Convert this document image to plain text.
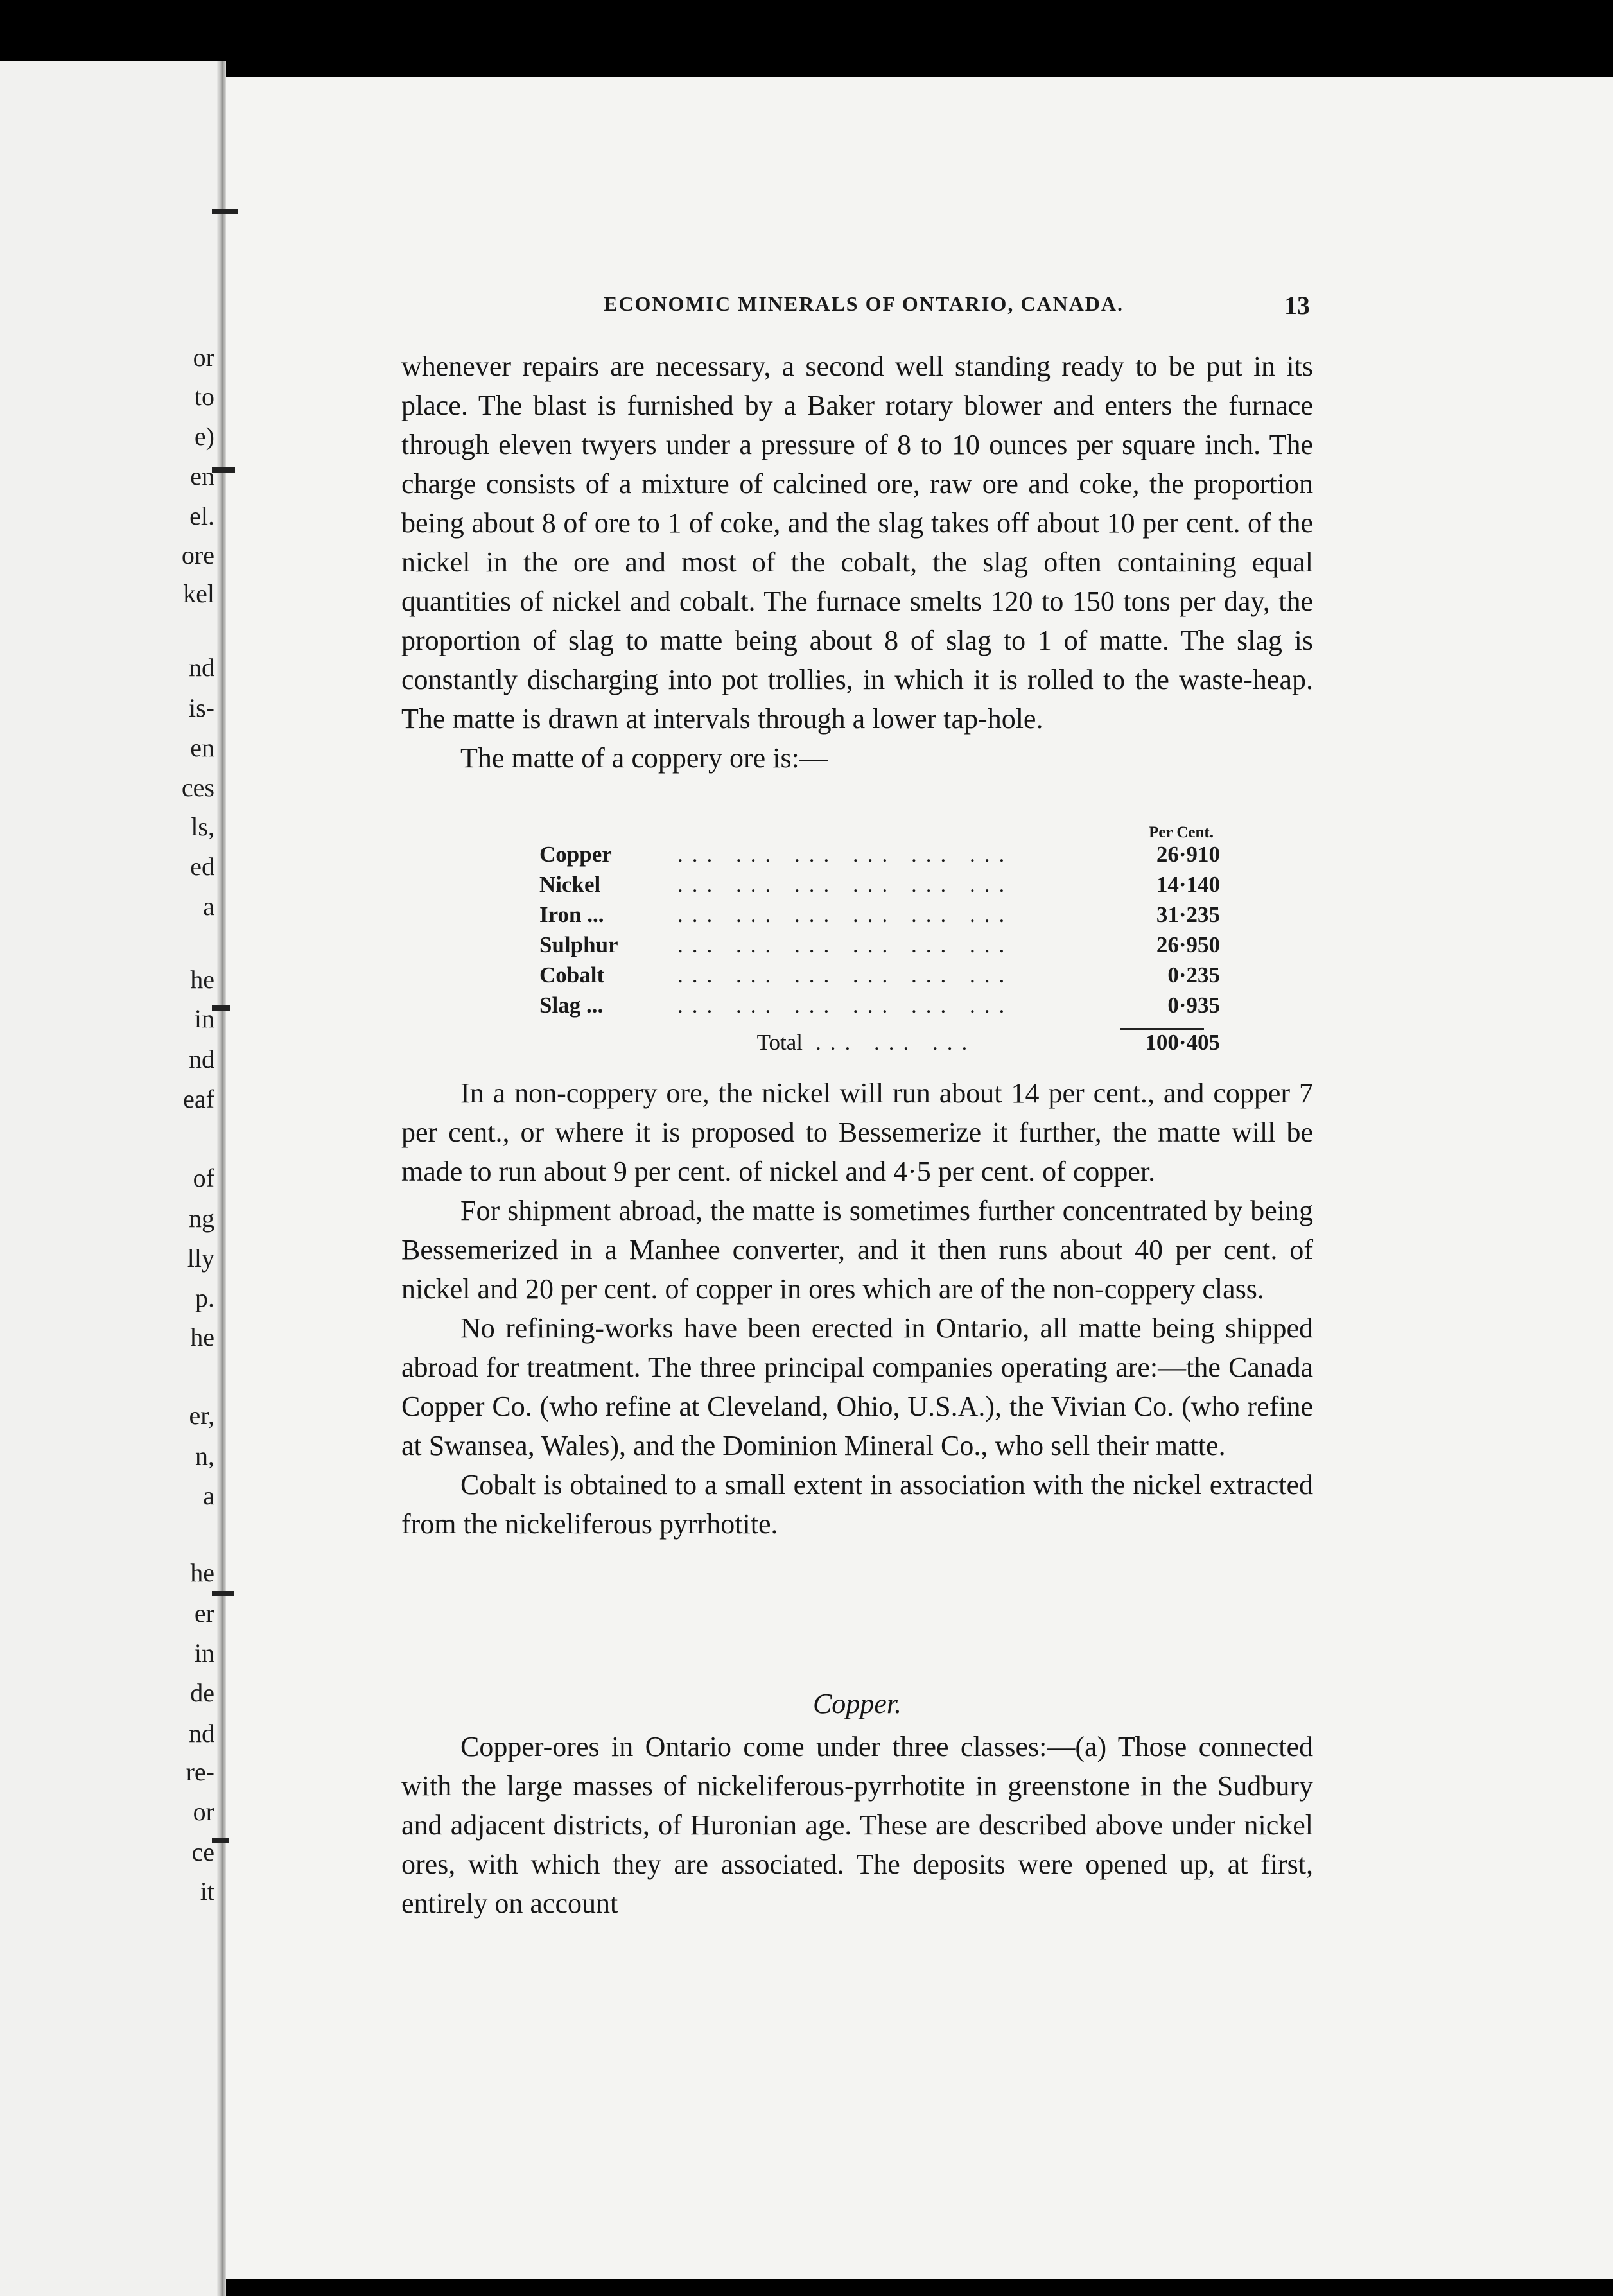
or
to
e)
en
el.
ore
kel
nd
is-
en
ces
ls,
ed
a
he
in
nd
eaf
of
ng
lly
p.
he
er,
n,
a
he
er
in
de
nd
re-
or
ce
it
ECONOMIC MINERALS OF ONTARIO, CANADA.	13

whenever repairs are necessary, a second well standing ready to be put in its place. The blast is furnished by a Baker rotary blower and enters the furnace through eleven twyers under a pressure of 8 to 10 ounces per square inch. The charge consists of a mixture of calcined ore, raw ore and coke, the proportion being about 8 of ore to 1 of coke, and the slag takes off about 10 per cent. of the nickel in the ore and most of the cobalt, the slag often containing equal quantities of nickel and cobalt. The furnace smelts 120 to 150 tons per day, the proportion of slag to matte being about 8 of slag to 1 of matte. The slag is constantly discharging into pot trollies, in which it is rolled to the waste-heap. The matte is drawn at intervals through a lower tap-hole.

The matte of a coppery ore is:—

Per Cent.
Copper	... ... ... ... ... ...	26·910
Nickel	... ... ... ... ... ...	14·140
Iron ...	... ... ... ... ... ...	31·235
Sulphur	... ... ... ... ... ...	26·950
Cobalt	... ... ... ... ... ...	0·235
Slag ...	... ... ... ... ... ...	0·935
Total ... ... ...	100·405

In a non-coppery ore, the nickel will run about 14 per cent., and copper 7 per cent., or where it is proposed to Bessemerize it further, the matte will be made to run about 9 per cent. of nickel and 4·5 per cent. of copper.

For shipment abroad, the matte is sometimes further concentrated by being Bessemerized in a Manhee converter, and it then runs about 40 per cent. of nickel and 20 per cent. of copper in ores which are of the non-coppery class.

No refining-works have been erected in Ontario, all matte being shipped abroad for treatment. The three principal companies operating are:—the Canada Copper Co. (who refine at Cleveland, Ohio, U.S.A.), the Vivian Co. (who refine at Swansea, Wales), and the Dominion Mineral Co., who sell their matte.

Cobalt is obtained to a small extent in association with the nickel extracted from the nickeliferous pyrrhotite.

Copper.

Copper-ores in Ontario come under three classes:—(a) Those connected with the large masses of nickeliferous-pyrrhotite in greenstone in the Sudbury and adjacent districts, of Huronian age. These are described above under nickel ores, with which they are associated. The deposits were opened up, at first, entirely on account
